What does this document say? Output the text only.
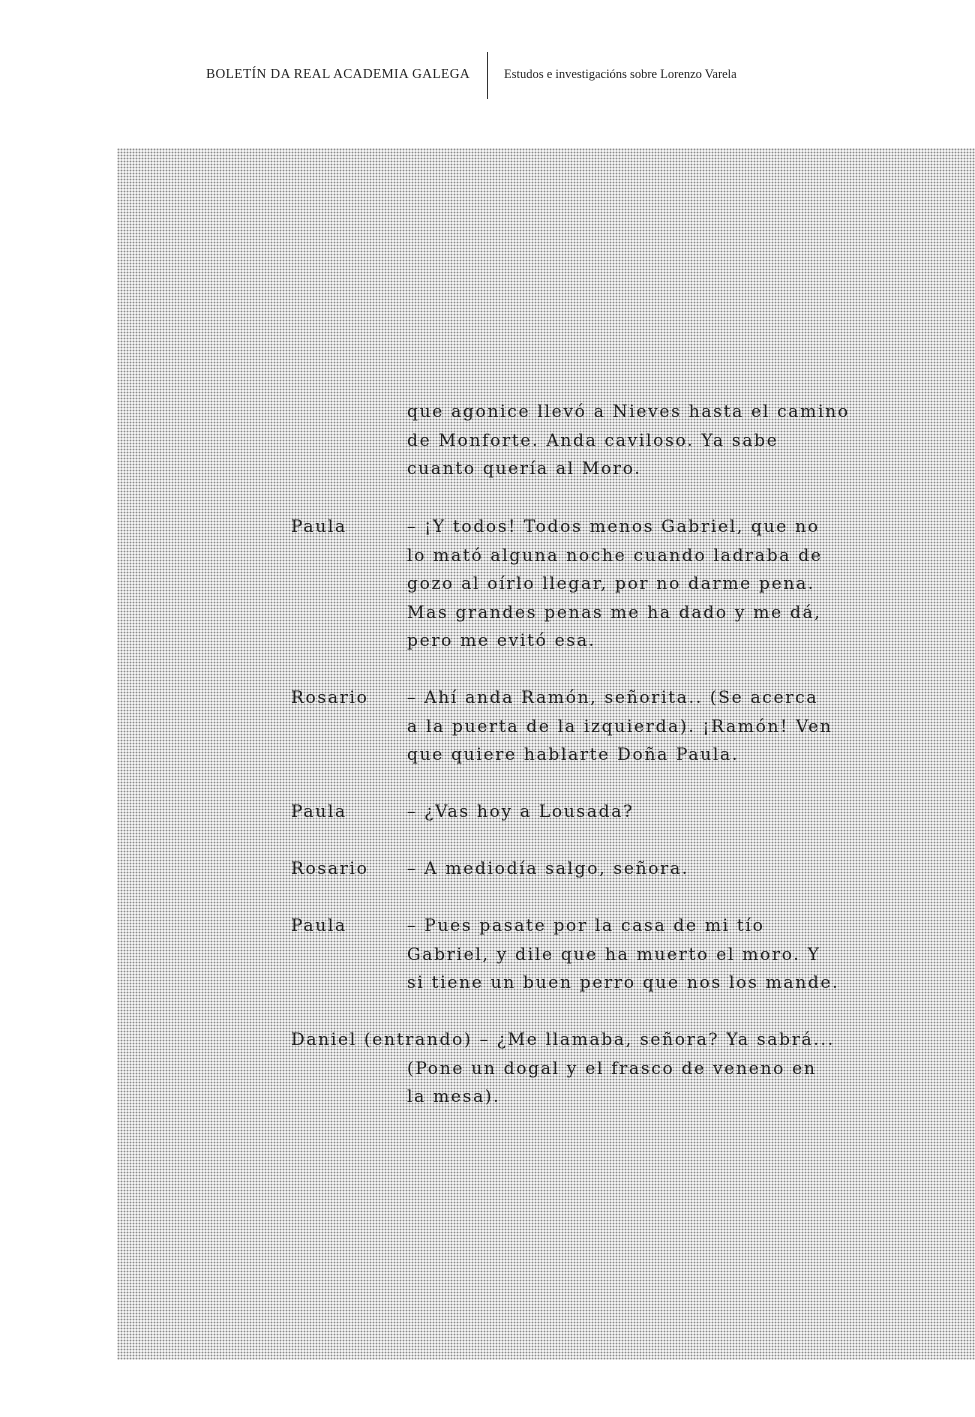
BOLETÍN DA REAL ACADEMIA GALEGA	Estudos e investigacións sobre Lorenzo Varela
que agonice llevó a Nieves hasta el camino
de Monforte. Anda caviloso. Ya sabe
cuanto quería al Moro.
Paula	– ¡Y todos! Todos menos Gabriel, que no
lo mató alguna noche cuando ladraba de
gozo al oírlo llegar, por no darme pena.
Mas grandes penas me ha dado y me dá,
pero me evitó esa.
Rosario – Ahí anda Ramón, señorita.. (Se acerca
a la puerta de la izquierda). ¡Ramón! Ven
que quiere hablarte Doña Paula.
Paula	– ¿Vas hoy a Lousada?
Rosario – A mediodía salgo, señora.
Paula	– Pues pasate por la casa de mi tío
Gabriel, y dile que ha muerto el moro. Y
si tiene un buen perro que nos los mande.
Daniel (entrando) – ¿Me llamaba, señora? Ya sabrá...
(Pone un dogal y el frasco de veneno en
la mesa).
